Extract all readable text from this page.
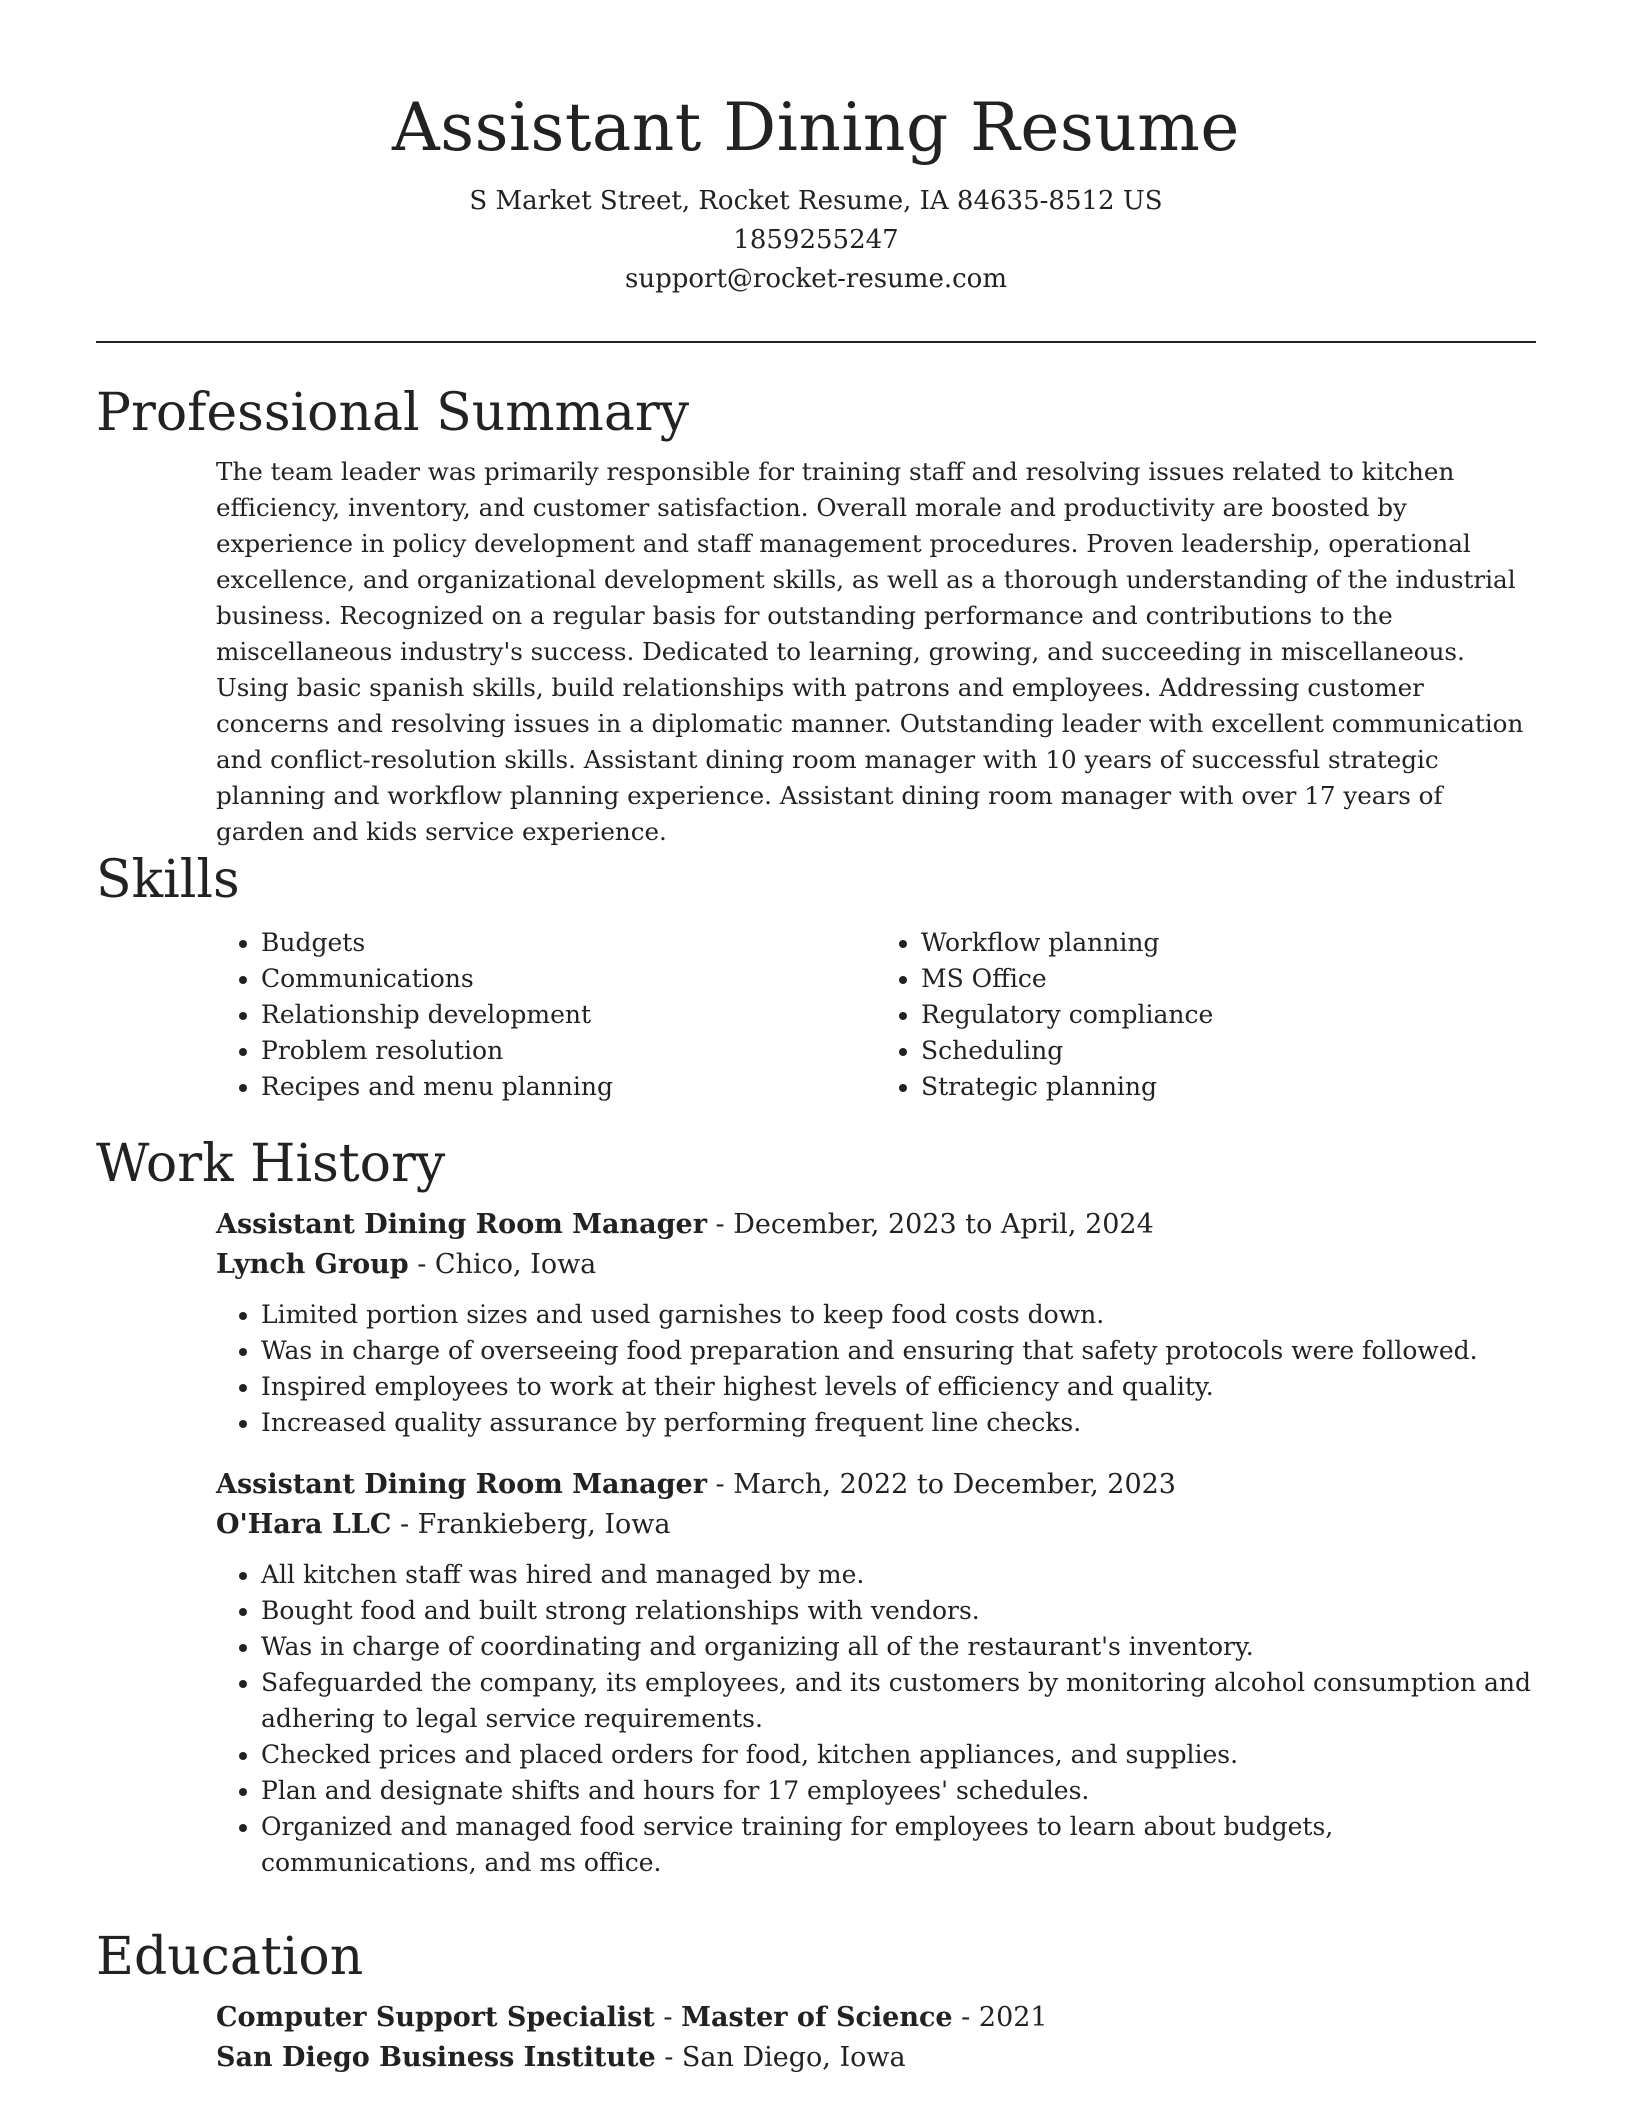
Assistant Dining Resume
S Market Street, Rocket Resume, IA 84635-8512 US
1859255247
support@rocket-resume.com
Professional Summary

The team leader was primarily responsible for training staff and resolving issues related to kitchen efficiency, inventory, and customer satisfaction. Overall morale and productivity are boosted by experience in policy development and staff management procedures. Proven leadership, operational excellence, and organizational development skills, as well as a thorough understanding of the industrial business. Recognized on a regular basis for outstanding performance and contributions to the miscellaneous industry's success. Dedicated to learning, growing, and succeeding in miscellaneous. Using basic spanish skills, build relationships with patrons and employees. Addressing customer concerns and resolving issues in a diplomatic manner. Outstanding leader with excellent communication and conflict-resolution skills. Assistant dining room manager with 10 years of successful strategic planning and workflow planning experience. Assistant dining room manager with over 17 years of garden and kids service experience.

Skills
• Budgets
• Communications
• Relationship development
• Problem resolution
• Recipes and menu planning
• Workflow planning
• MS Office
• Regulatory compliance
• Scheduling
• Strategic planning
Work History
Assistant Dining Room Manager - December, 2023 to April, 2024
Lynch Group - Chico, Iowa
• Limited portion sizes and used garnishes to keep food costs down.
• Was in charge of overseeing food preparation and ensuring that safety protocols were followed.
• Inspired employees to work at their highest levels of efficiency and quality.
• Increased quality assurance by performing frequent line checks.
Assistant Dining Room Manager - March, 2022 to December, 2023
O'Hara LLC - Frankieberg, Iowa
• All kitchen staff was hired and managed by me.
• Bought food and built strong relationships with vendors.
• Was in charge of coordinating and organizing all of the restaurant's inventory.
• Safeguarded the company, its employees, and its customers by monitoring alcohol consumption and adhering to legal service requirements.
• Checked prices and placed orders for food, kitchen appliances, and supplies.
• Plan and designate shifts and hours for 17 employees' schedules.
• Organized and managed food service training for employees to learn about budgets, communications, and ms office.
Education
Computer Support Specialist - Master of Science - 2021
San Diego Business Institute - San Diego, Iowa
